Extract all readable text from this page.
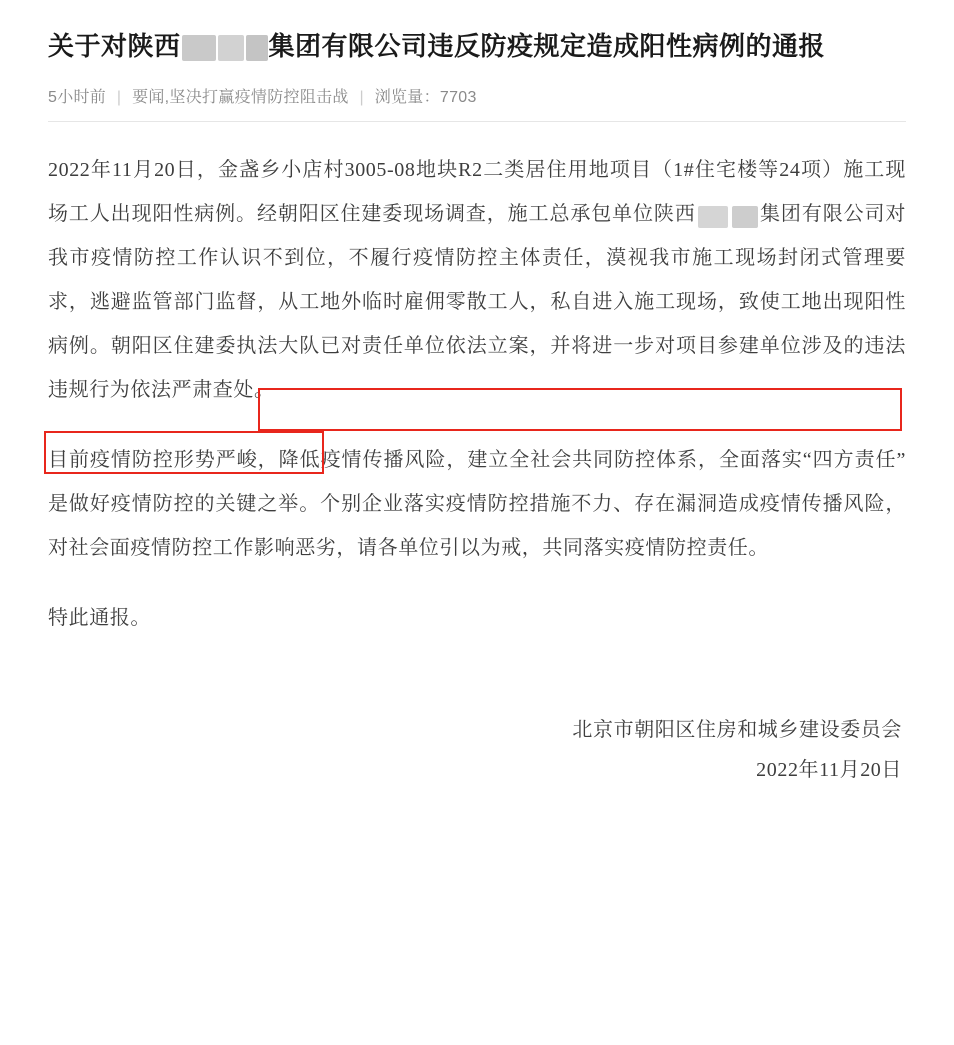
关于对陕西	集团有限公司违反防疫规定造成阳性病例的通报
5小时前 | 要闻,坚决打赢疫情防控阻击战 | 浏览量：7703

2022年11月20日，金盏乡小店村3005-08地块R2二类居住用地项目（1#住宅楼等24项）施工现场工人出现阳性病例。经朝阳区住建委现场调查，施工总承包单位陕西	集团有限公司对我市疫情防控工作认识不到位，不履行疫情防控主体责任，漠视我市施工现场封闭式管理要求，逃避监管部门监督，从工地外临时雇佣零散工人，私自进入施工现场，致使工地出现阳性病例。朝阳区住建委执法大队已对责任单位依法立案，并将进一步对项目参建单位涉及的违法违规行为依法严肃查处。

目前疫情防控形势严峻，降低疫情传播风险，建立全社会共同防控体系，全面落实“四方责任”是做好疫情防控的关键之举。个别企业落实疫情防控措施不力、存在漏洞造成疫情传播风险，对社会面疫情防控工作影响恶劣，请各单位引以为戒，共同落实疫情防控责任。

特此通报。

北京市朝阳区住房和城乡建设委员会
2022年11月20日
